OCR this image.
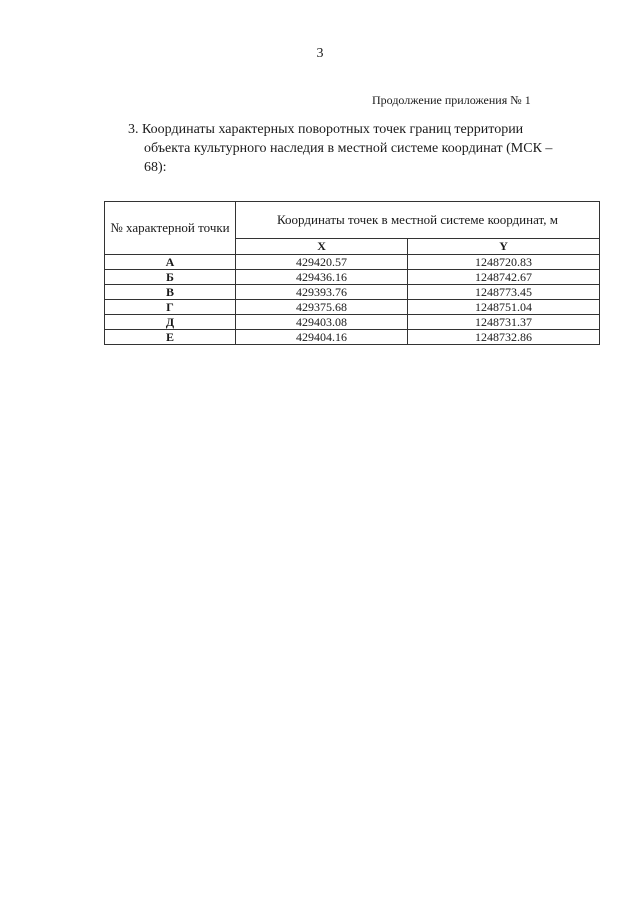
3
Продолжение приложения № 1
3. Координаты характерных поворотных точек границ территории
объекта культурного наследия в местной системе координат (МСК –
68):
№ характерной точки	Координаты точек в местной системе координат, м	
	X	Y
А	429420.57	1248720.83
Б	429436.16	1248742.67
В	429393.76	1248773.45
Г	429375.68	1248751.04
Д	429403.08	1248731.37
Е	429404.16	1248732.86
